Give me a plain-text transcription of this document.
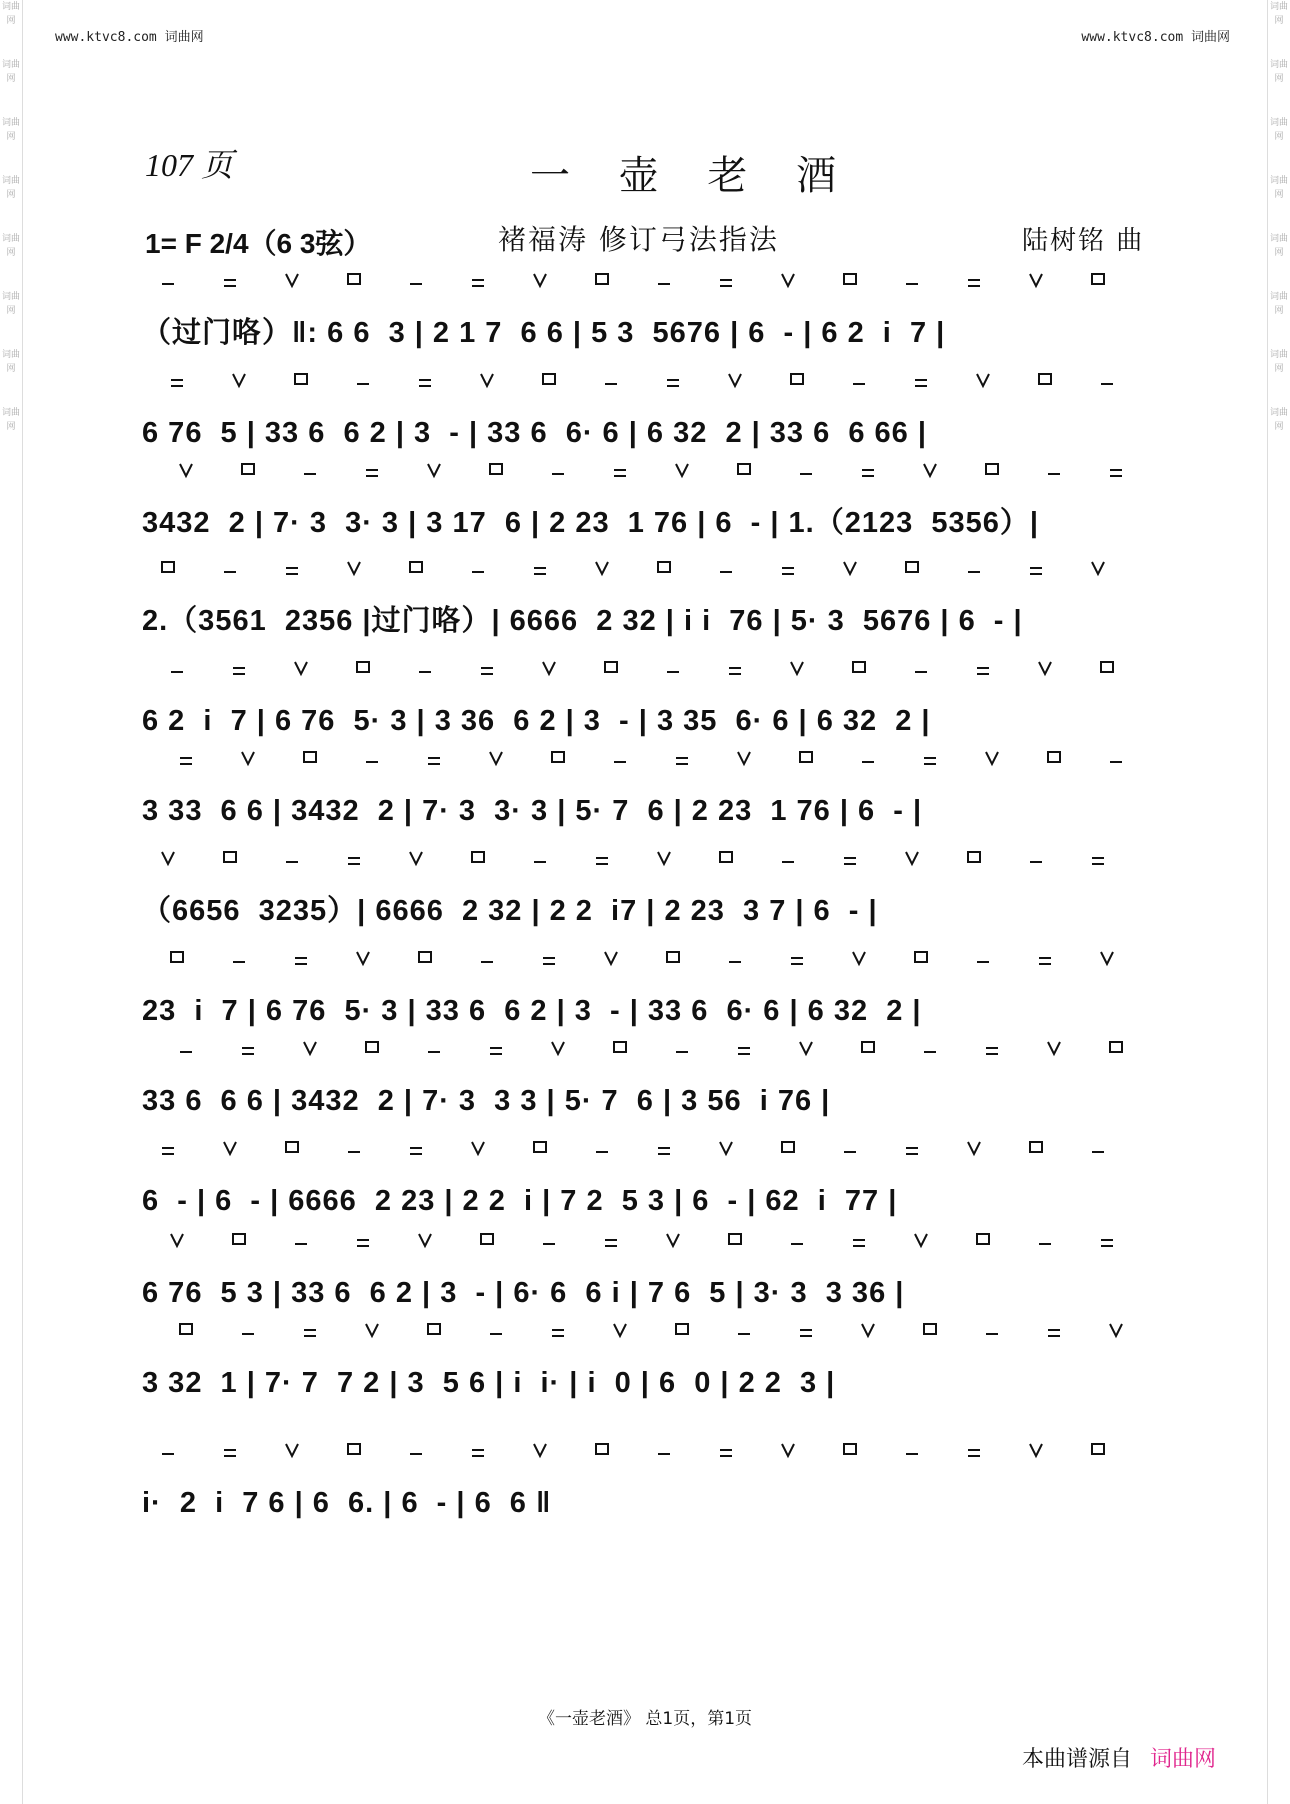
词曲网
词曲网
词曲网
词曲网
词曲网
词曲网
词曲网
词曲网
词曲网
词曲网
词曲网
词曲网
词曲网
词曲网
词曲网
词曲网
www.ktvc8.com 词曲网	www.ktvc8.com 词曲网
107 页	一 壶 老 酒
1= F 2/4（6 3弦）	褚福涛 修订弓法指法	陆树铭 曲
（过门咯）‖: 6 6  3 | 2 1 7  6 6 | 5 3  5676 | 6  - | 6 2  i  7 |
6 76  5 | 33 6  6 2 | 3  - | 33 6  6· 6 | 6 32  2 | 33 6  6 66 |
3432  2 | 7· 3  3· 3 | 3 17  6 | 2 23  1 76 | 6  - | 1.（2123  5356）|
2.（3561  2356 |过门咯）| 6666  2 32 | i i  76 | 5· 3  5676 | 6  - |
6 2  i  7 | 6 76  5· 3 | 3 36  6 2 | 3  - | 3 35  6· 6 | 6 32  2 |
3 33  6 6 | 3432  2 | 7· 3  3· 3 | 5· 7  6 | 2 23  1 76 | 6  - |
（6656  3235）| 6666  2 32 | 2 2  i7 | 2 23  3 7 | 6  - |
23  i  7 | 6 76  5· 3 | 33 6  6 2 | 3  - | 33 6  6· 6 | 6 32  2 |
33 6  6 6 | 3432  2 | 7· 3  3 3 | 5· 7  6 | 3 56  i 76 |
6  - | 6  - | 6666  2 23 | 2 2  i | 7 2  5 3 | 6  - | 62  i  77 |
6 76  5 3 | 33 6  6 2 | 3  - | 6· 6  6 i | 7 6  5 | 3· 3  3 36 |
3 32  1 | 7· 7  7 2 | 3  5 6 | i  i· | i  0 | 6  0 | 2 2  3 |
i·  2  i  7 6 | 6  6. | 6  - | 6  6 ‖
《一壶老酒》 总1页，第1页
本曲谱源自 词曲网
